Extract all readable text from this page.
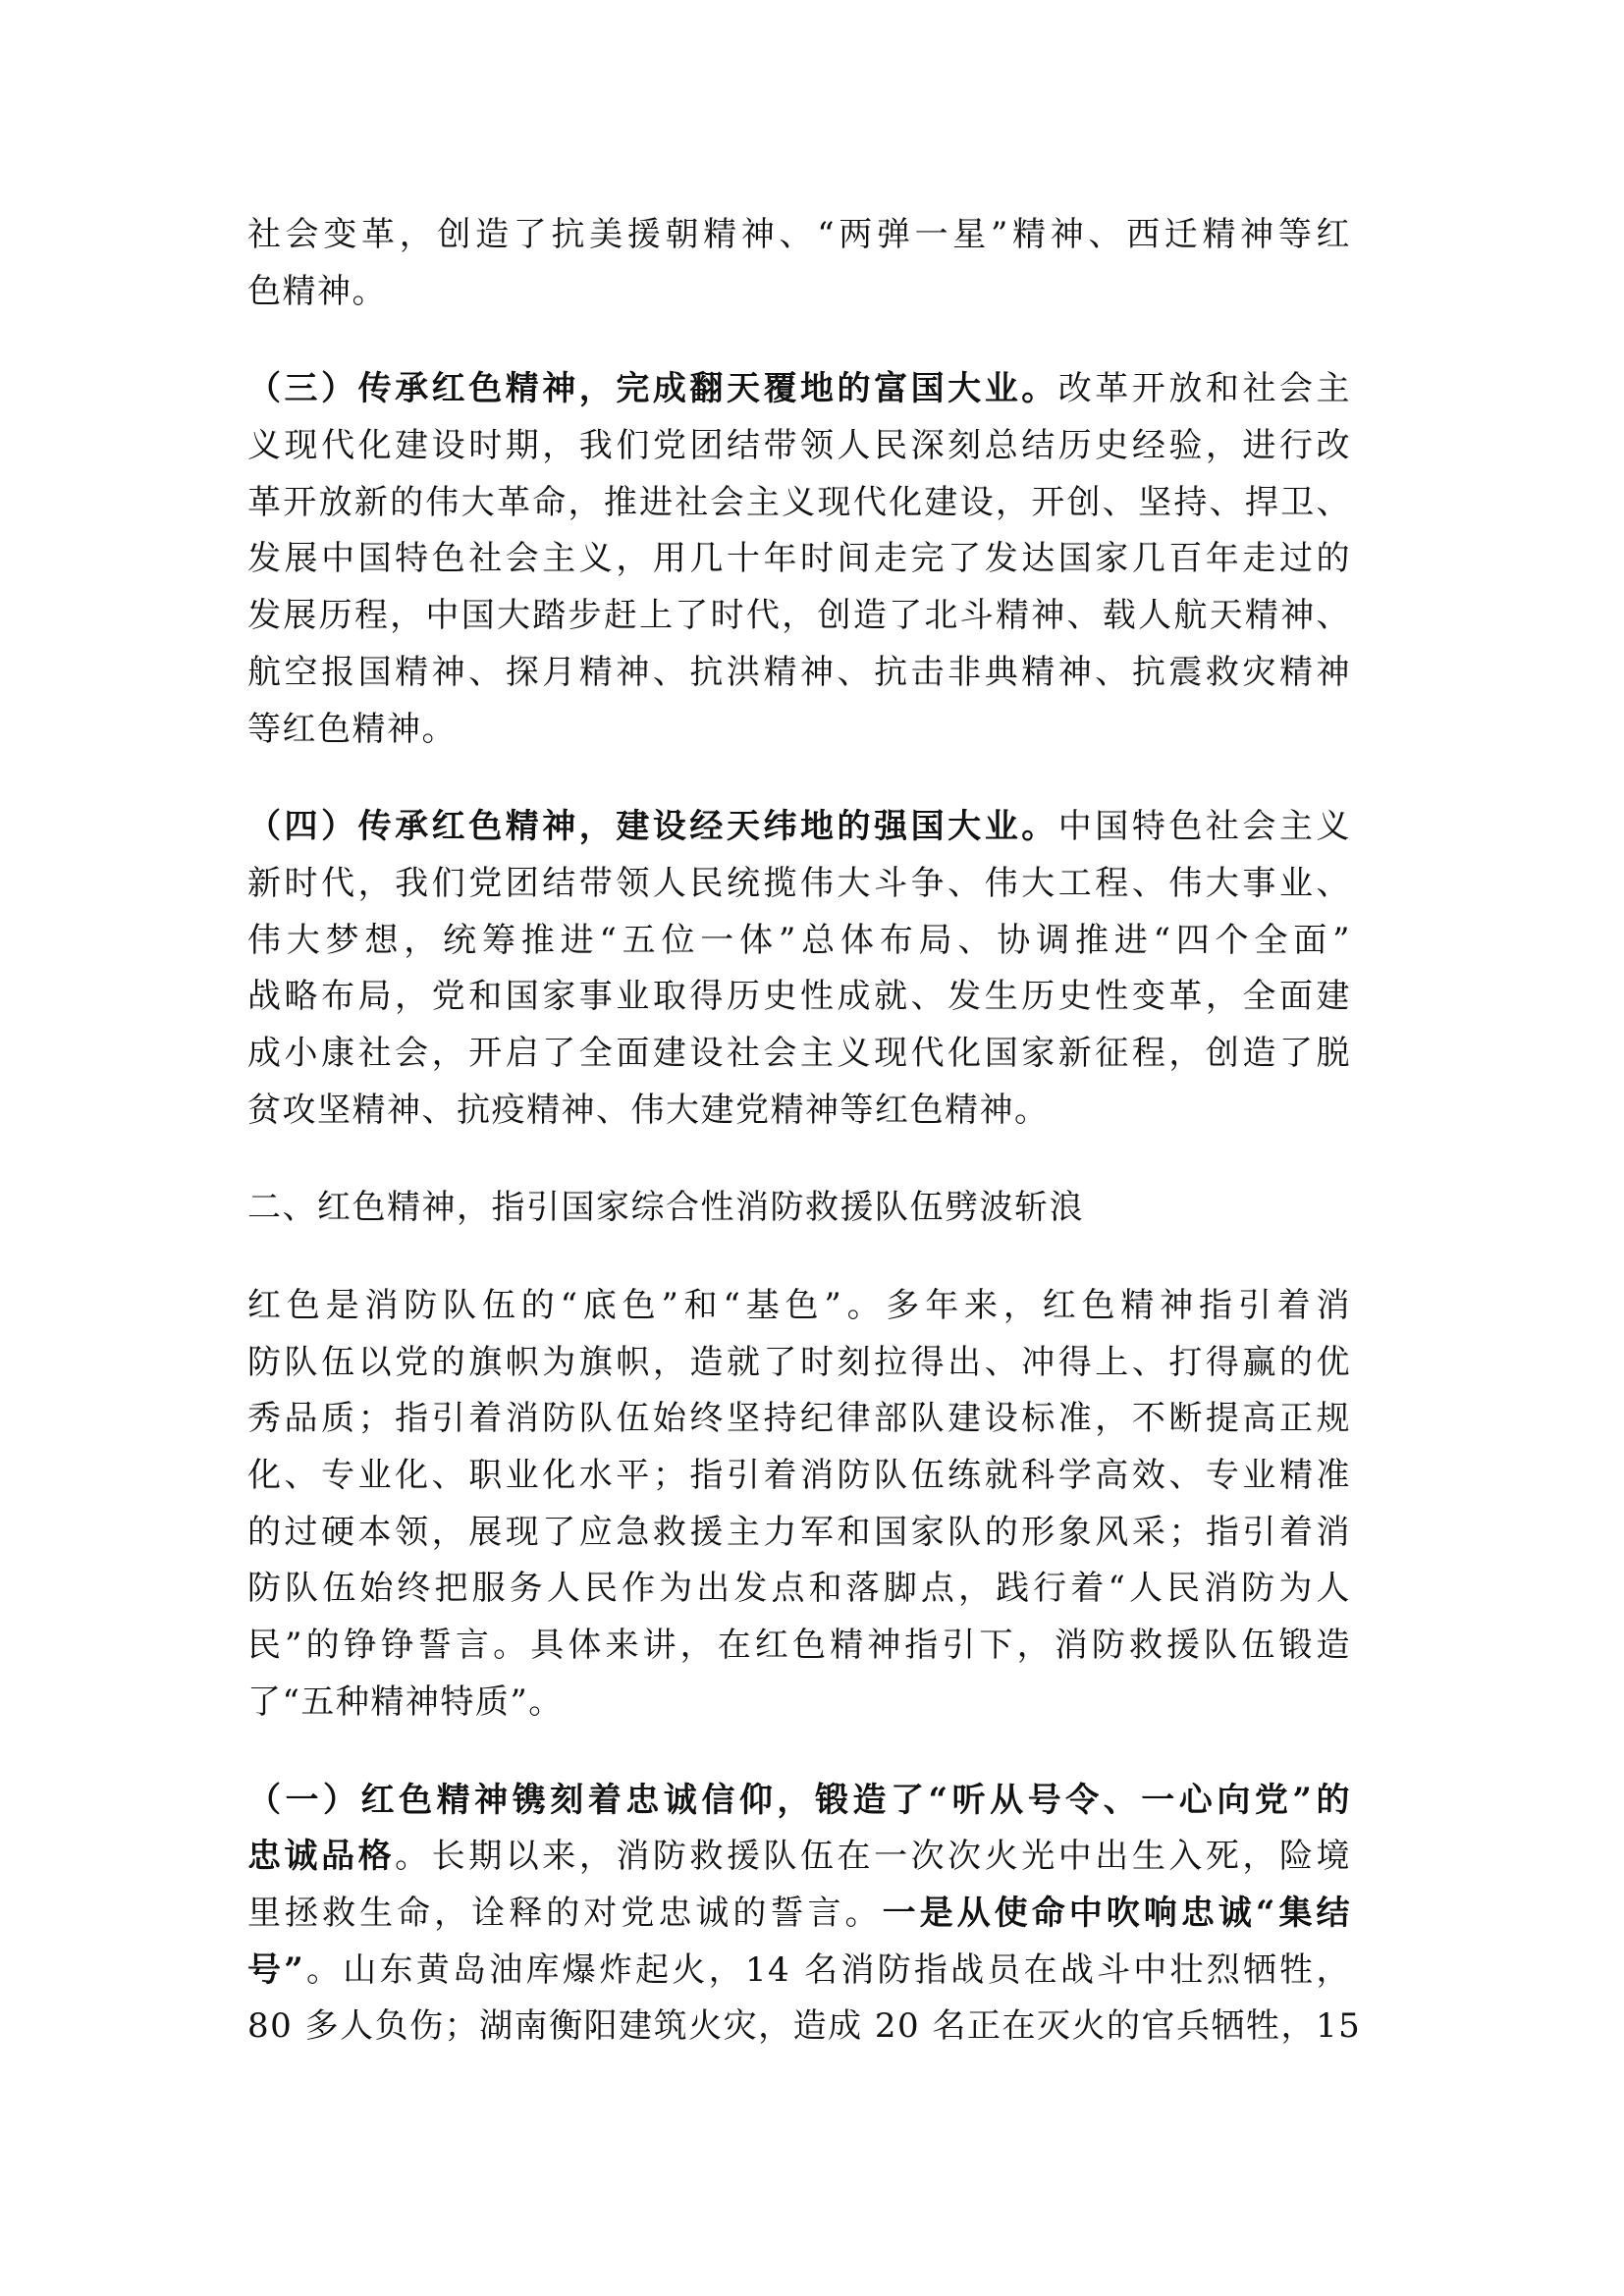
社会变革，创造了抗美援朝精神、“两弹一星”精神、西迁精神等红
色精神。
（三）传承红色精神，完成翻天覆地的富国大业。改革开放和社会主
义现代化建设时期，我们党团结带领人民深刻总结历史经验，进行改
革开放新的伟大革命，推进社会主义现代化建设，开创、坚持、捍卫、
发展中国特色社会主义，用几十年时间走完了发达国家几百年走过的
发展历程，中国大踏步赶上了时代，创造了北斗精神、载人航天精神、
航空报国精神、探月精神、抗洪精神、抗击非典精神、抗震救灾精神
等红色精神。
（四）传承红色精神，建设经天纬地的强国大业。中国特色社会主义
新时代，我们党团结带领人民统揽伟大斗争、伟大工程、伟大事业、
伟大梦想，统筹推进“五位一体”总体布局、协调推进“四个全面”
战略布局，党和国家事业取得历史性成就、发生历史性变革，全面建
成小康社会，开启了全面建设社会主义现代化国家新征程，创造了脱
贫攻坚精神、抗疫精神、伟大建党精神等红色精神。
二、红色精神，指引国家综合性消防救援队伍劈波斩浪
红色是消防队伍的“底色”和“基色”。多年来，红色精神指引着消
防队伍以党的旗帜为旗帜，造就了时刻拉得出、冲得上、打得赢的优
秀品质；指引着消防队伍始终坚持纪律部队建设标准，不断提高正规
化、专业化、职业化水平；指引着消防队伍练就科学高效、专业精准
的过硬本领，展现了应急救援主力军和国家队的形象风采；指引着消
防队伍始终把服务人民作为出发点和落脚点，践行着“人民消防为人
民”的铮铮誓言。具体来讲，在红色精神指引下，消防救援队伍锻造
了“五种精神特质”。
（一）红色精神镌刻着忠诚信仰，锻造了“听从号令、一心向党”的
忠诚品格。长期以来，消防救援队伍在一次次火光中出生入死，险境
里拯救生命，诠释的对党忠诚的誓言。一是从使命中吹响忠诚“集结
号”。山东黄岛油库爆炸起火，14 名消防指战员在战斗中壮烈牺牲，
80 多人负伤；湖南衡阳建筑火灾，造成 20 名正在灭火的官兵牺牲，15
